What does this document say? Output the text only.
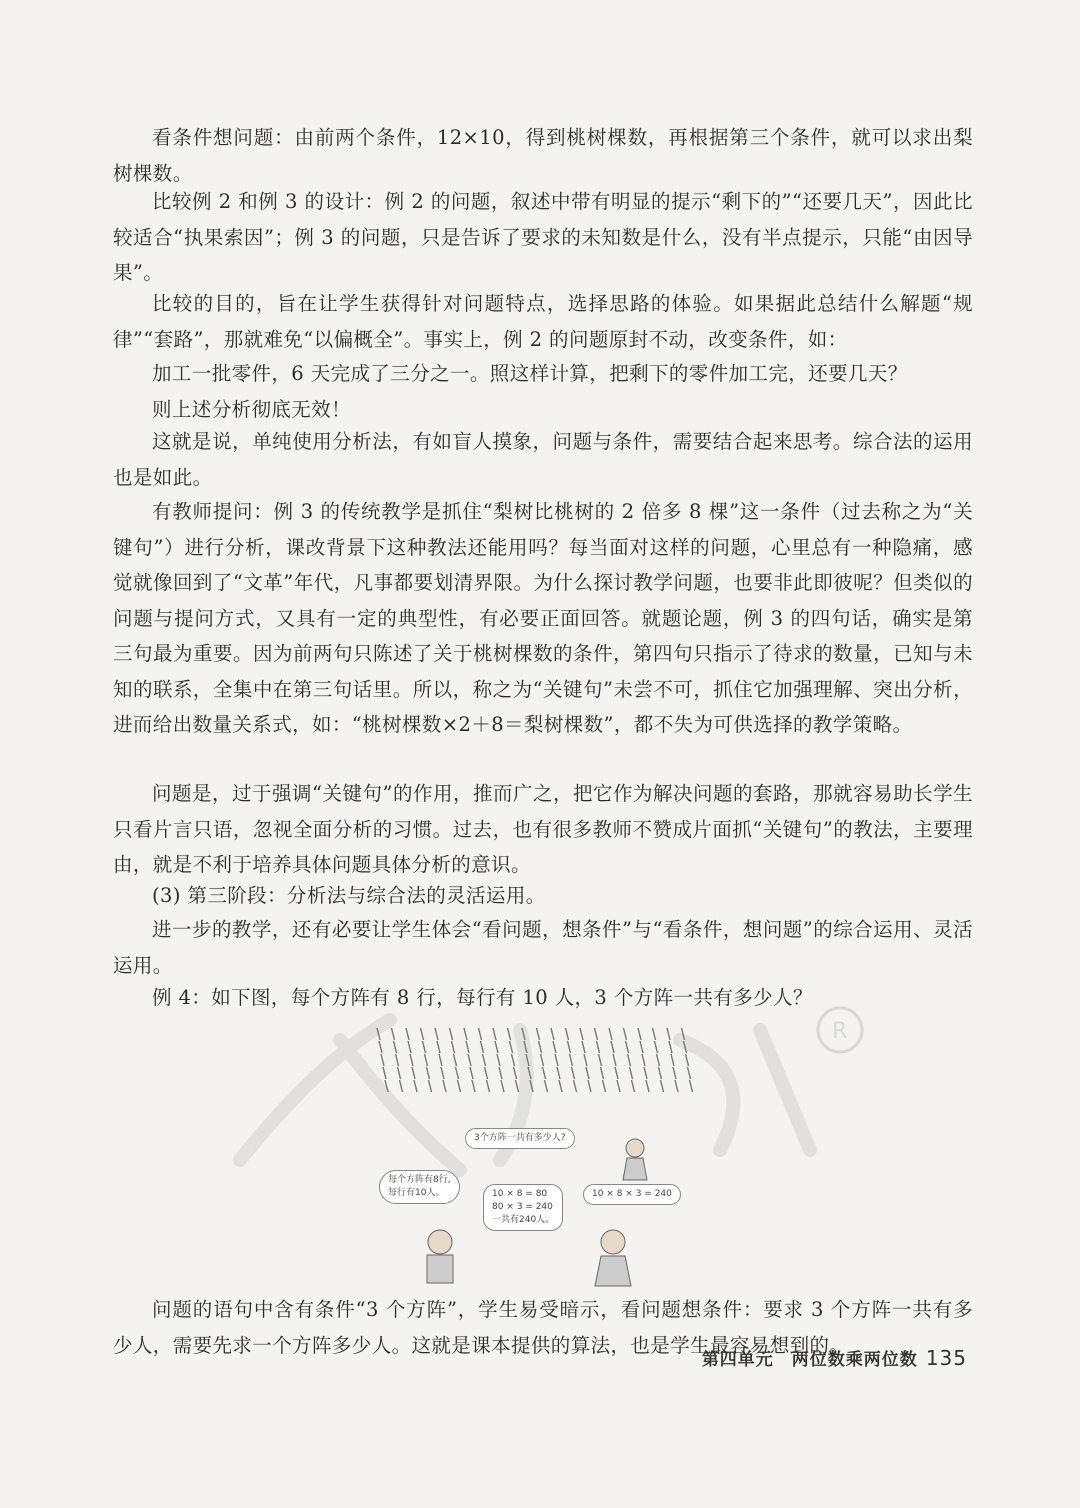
看条件想问题：由前两个条件，12×10，得到桃树棵数，再根据第三个条件，就可以求出梨树棵数。

比较例 2 和例 3 的设计：例 2 的问题，叙述中带有明显的提示“剩下的”“还要几天”，因此比较适合“执果索因”；例 3 的问题，只是告诉了要求的未知数是什么，没有半点提示，只能“由因导果”。

比较的目的，旨在让学生获得针对问题特点，选择思路的体验。如果据此总结什么解题“规律”“套路”，那就难免“以偏概全”。事实上，例 2 的问题原封不动，改变条件，如：

加工一批零件，6 天完成了三分之一。照这样计算，把剩下的零件加工完，还要几天？

则上述分析彻底无效！

这就是说，单纯使用分析法，有如盲人摸象，问题与条件，需要结合起来思考。综合法的运用也是如此。

有教师提问：例 3 的传统教学是抓住“梨树比桃树的 2 倍多 8 棵”这一条件（过去称之为“关键句”）进行分析，课改背景下这种教法还能用吗？每当面对这样的问题，心里总有一种隐痛，感觉就像回到了“文革”年代，凡事都要划清界限。为什么探讨教学问题，也要非此即彼呢？但类似的问题与提问方式，又具有一定的典型性，有必要正面回答。就题论题，例 3 的四句话，确实是第三句最为重要。因为前两句只陈述了关于桃树棵数的条件，第四句只指示了待求的数量，已知与未知的联系，全集中在第三句话里。所以，称之为“关键句”未尝不可，抓住它加强理解、突出分析，进而给出数量关系式，如：“桃树棵数×2＋8＝梨树棵数”，都不失为可供选择的教学策略。

问题是，过于强调“关键句”的作用，推而广之，把它作为解决问题的套路，那就容易助长学生只看片言只语，忽视全面分析的习惯。过去，也有很多教师不赞成片面抓“关键句”的教法，主要理由，就是不利于培养具体问题具体分析的意识。

(3) 第三阶段：分析法与综合法的灵活运用。

进一步的教学，还有必要让学生体会“看问题，想条件”与“看条件，想问题”的综合运用、灵活运用。

例 4：如下图，每个方阵有 8 行，每行有 10 人，3 个方阵一共有多少人？

R
3个方阵一共有多少人?
每个方阵有8行,
每行有10人。	10 × 8 = 80
80 × 3 = 240
一共有240人。
10 × 8 × 3 = 240

问题的语句中含有条件“3 个方阵”，学生易受暗示，看问题想条件：要求 3 个方阵一共有多少人，需要先求一个方阵多少人。这就是课本提供的算法，也是学生最容易想到的。

第四单元　两位数乘两位数 135
